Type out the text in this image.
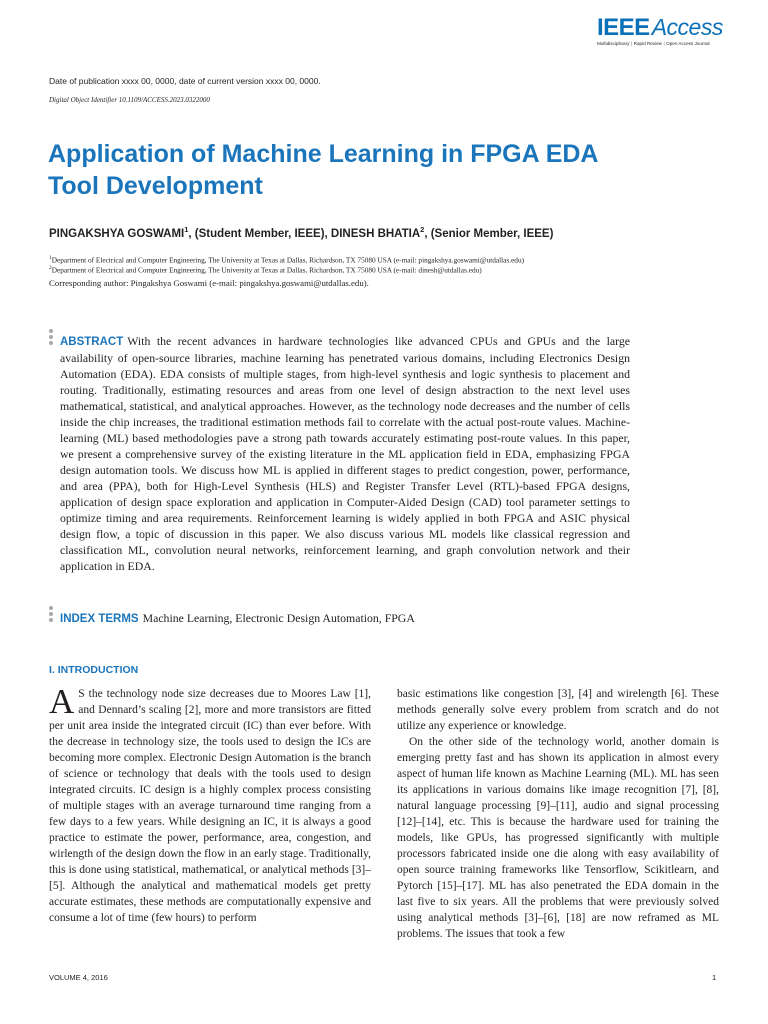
IEEE Access
Multidisciplinary | Rapid Review | Open Access Journal
Date of publication xxxx 00, 0000, date of current version xxxx 00, 0000.
Digital Object Identifier 10.1109/ACCESS.2023.0322000
Application of Machine Learning in FPGA EDA Tool Development
PINGAKSHYA GOSWAMI$^1$, (Student Member, IEEE), DINESH BHATIA$^2$, (Senior Member, IEEE)
$^1$Department of Electrical and Computer Engineering, The University at Texas at Dallas, Richardson, TX 75080 USA (e-mail: pingakshya.goswami@utdallas.edu)
$^2$Department of Electrical and Computer Engineering, The University at Texas at Dallas, Richardson, TX 75080 USA (e-mail: dinesh@utdallas.edu)
Corresponding author: Pingakshya Goswami (e-mail: pingakshya.goswami@utdallas.edu).

ABSTRACT With the recent advances in hardware technologies like advanced CPUs and GPUs and the large availability of open-source libraries, machine learning has penetrated various domains, including Electronics Design Automation (EDA). EDA consists of multiple stages, from high-level synthesis and logic synthesis to placement and routing. Traditionally, estimating resources and areas from one level of design abstraction to the next level uses mathematical, statistical, and analytical approaches. However, as the technology node decreases and the number of cells inside the chip increases, the traditional estimation methods fail to correlate with the actual post-route values. Machine-learning (ML) based methodologies pave a strong path towards accurately estimating post-route values. In this paper, we present a comprehensive survey of the existing literature in the ML application field in EDA, emphasizing FPGA design automation tools. We discuss how ML is applied in different stages to predict congestion, power, performance, and area (PPA), both for High-Level Synthesis (HLS) and Register Transfer Level (RTL)-based FPGA designs, application of design space exploration and application in Computer-Aided Design (CAD) tool parameter settings to optimize timing and area requirements. Reinforcement learning is widely applied in both FPGA and ASIC physical design flow, a topic of discussion in this paper. We also discuss various ML models like classical regression and classification ML, convolution neural networks, reinforcement learning, and graph convolution network and their application in EDA.

INDEX TERMS Machine Learning, Electronic Design Automation, FPGA

I. INTRODUCTION

A S the technology node size decreases due to Moores Law [1], and Dennard’s scaling [2], more and more transistors are fitted per unit area inside the integrated circuit (IC) than ever before. With the decrease in technology size, the tools used to design the ICs are becoming more complex. Electronic Design Automation is the branch of science or technology that deals with the tools used to design integrated circuits. IC design is a highly complex process consisting of multiple stages with an average turnaround time ranging from a few days to a few years. While designing an IC, it is always a good practice to estimate the power, performance, area, congestion, and wirlength of the design down the flow in an early stage. Traditionally, this is done using statistical, mathematical, or analytical methods [3]–[5]. Although the analytical and mathematical models get pretty accurate estimates, these methods are computationally expensive and consume a lot of time (few hours) to perform

basic estimations like congestion [3], [4] and wirelength [6]. These methods generally solve every problem from scratch and do not utilize any experience or knowledge.

On the other side of the technology world, another domain is emerging pretty fast and has shown its application in almost every aspect of human life known as Machine Learning (ML). ML has seen its applications in various domains like image recognition [7], [8], natural language processing [9]–[11], audio and signal processing [12]–[14], etc. This is because the hardware used for training the models, like GPUs, has progressed significantly with multiple processors fabricated inside one die along with easy availability of open source training frameworks like Tensorflow, Scikitlearn, and Pytorch [15]–[17]. ML has also penetrated the EDA domain in the last five to six years. All the problems that were previously solved using analytical methods [3]–[6], [18] are now reframed as ML problems. The issues that took a few

VOLUME 4, 2016	1
